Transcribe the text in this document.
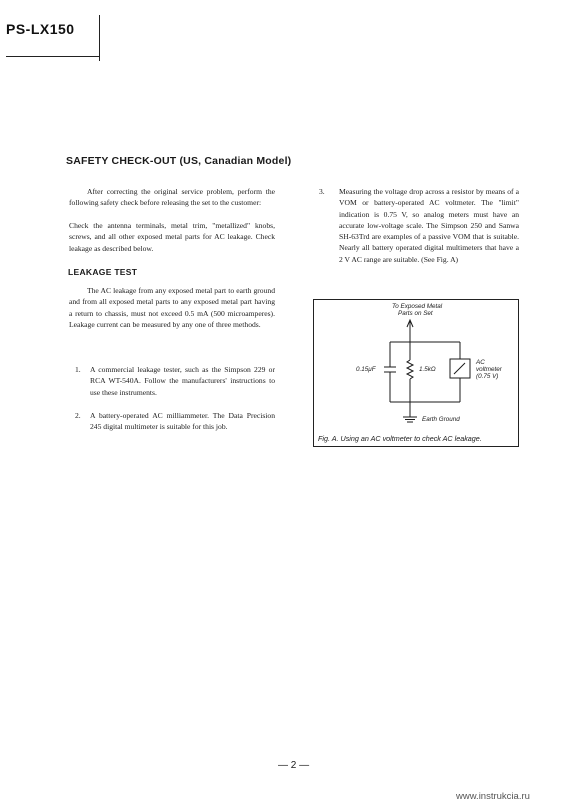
PS-LX150
SAFETY CHECK-OUT (US, Canadian Model)
After correcting the original service problem, perform the following safety check before releasing the set to the customer:
Check the antenna terminals, metal trim, "metallized" knobs, screws, and all other exposed metal parts for AC leakage. Check leakage as described below.
LEAKAGE TEST
The AC leakage from any exposed metal part to earth ground and from all exposed metal parts to any exposed metal part having a return to chassis, must not exceed 0.5 mA (500 microamperes). Leakage current can be measured by any one of three methods.
1. A commercial leakage tester, such as the Simpson 229 or RCA WT-540A. Follow the manufacturers' instructions to use these instruments.
2. A battery-operated AC milliammeter. The Data Precision 245 digital multimeter is suitable for this job.
3. Measuring the voltage drop across a resistor by means of a VOM or battery-operated AC voltmeter. The "limit" indication is 0.75 V, so analog meters must have an accurate low-voltage scale. The Simpson 250 and Sanwa SH-63Trd are examples of a passive VOM that is suitable. Nearly all battery operated digital multimeters that have a 2 V AC range are suitable. (See Fig. A)
To Exposed Metal
Parts on Set
0.15μF	1.5kΩ
AC
voltmeter
(0.75 V)
Earth Ground
Fig. A. Using an AC voltmeter to check AC leakage.
— 2 —
www.instrukcia.ru
